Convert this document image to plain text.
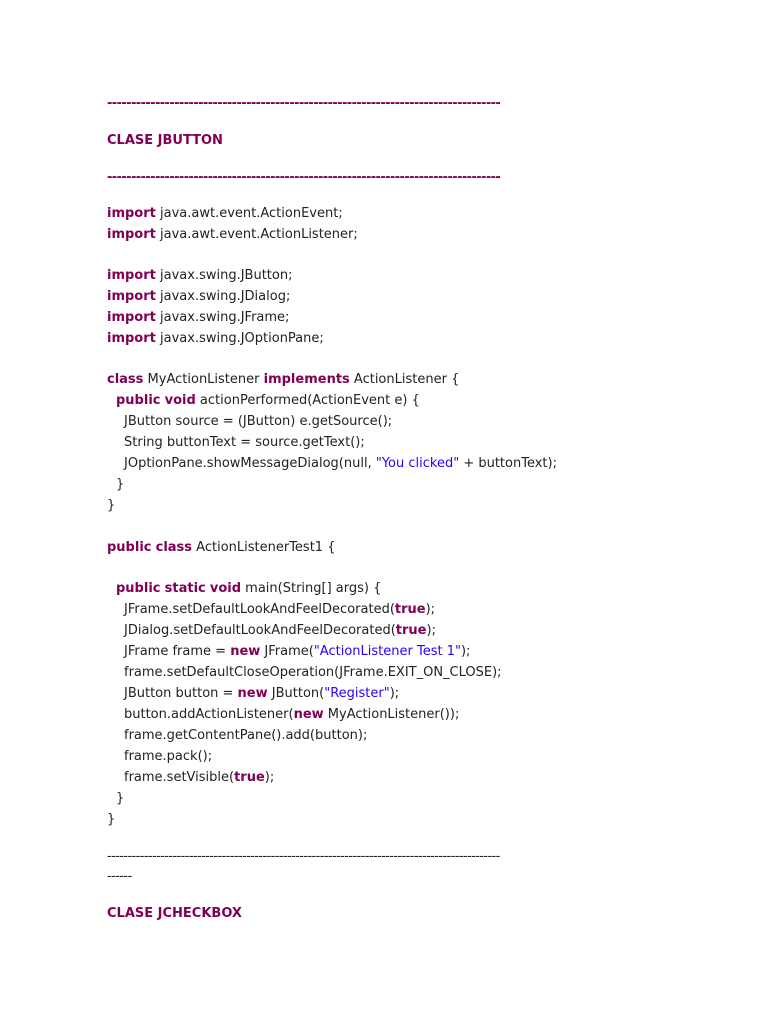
----------------------------------------------------------------------------------
CLASE JBUTTON
----------------------------------------------------------------------------------
import java.awt.event.ActionEvent;
import java.awt.event.ActionListener;
import javax.swing.JButton;
import javax.swing.JDialog;
import javax.swing.JFrame;
import javax.swing.JOptionPane;
class MyActionListener implements ActionListener {
public void actionPerformed(ActionEvent e) {
JButton source = (JButton) e.getSource();
String buttonText = source.getText();
JOptionPane.showMessageDialog(null, "You clicked" + buttonText);
}
}
public class ActionListenerTest1 {
public static void main(String[] args) {
JFrame.setDefaultLookAndFeelDecorated(true);
JDialog.setDefaultLookAndFeelDecorated(true);
JFrame frame = new JFrame("ActionListener Test 1");
frame.setDefaultCloseOperation(JFrame.EXIT_ON_CLOSE);
JButton button = new JButton("Register");
button.addActionListener(new MyActionListener());
frame.getContentPane().add(button);
frame.pack();
frame.setVisible(true);
}
}
------------------------------------------------------------------------------------------------
------
CLASE JCHECKBOX
